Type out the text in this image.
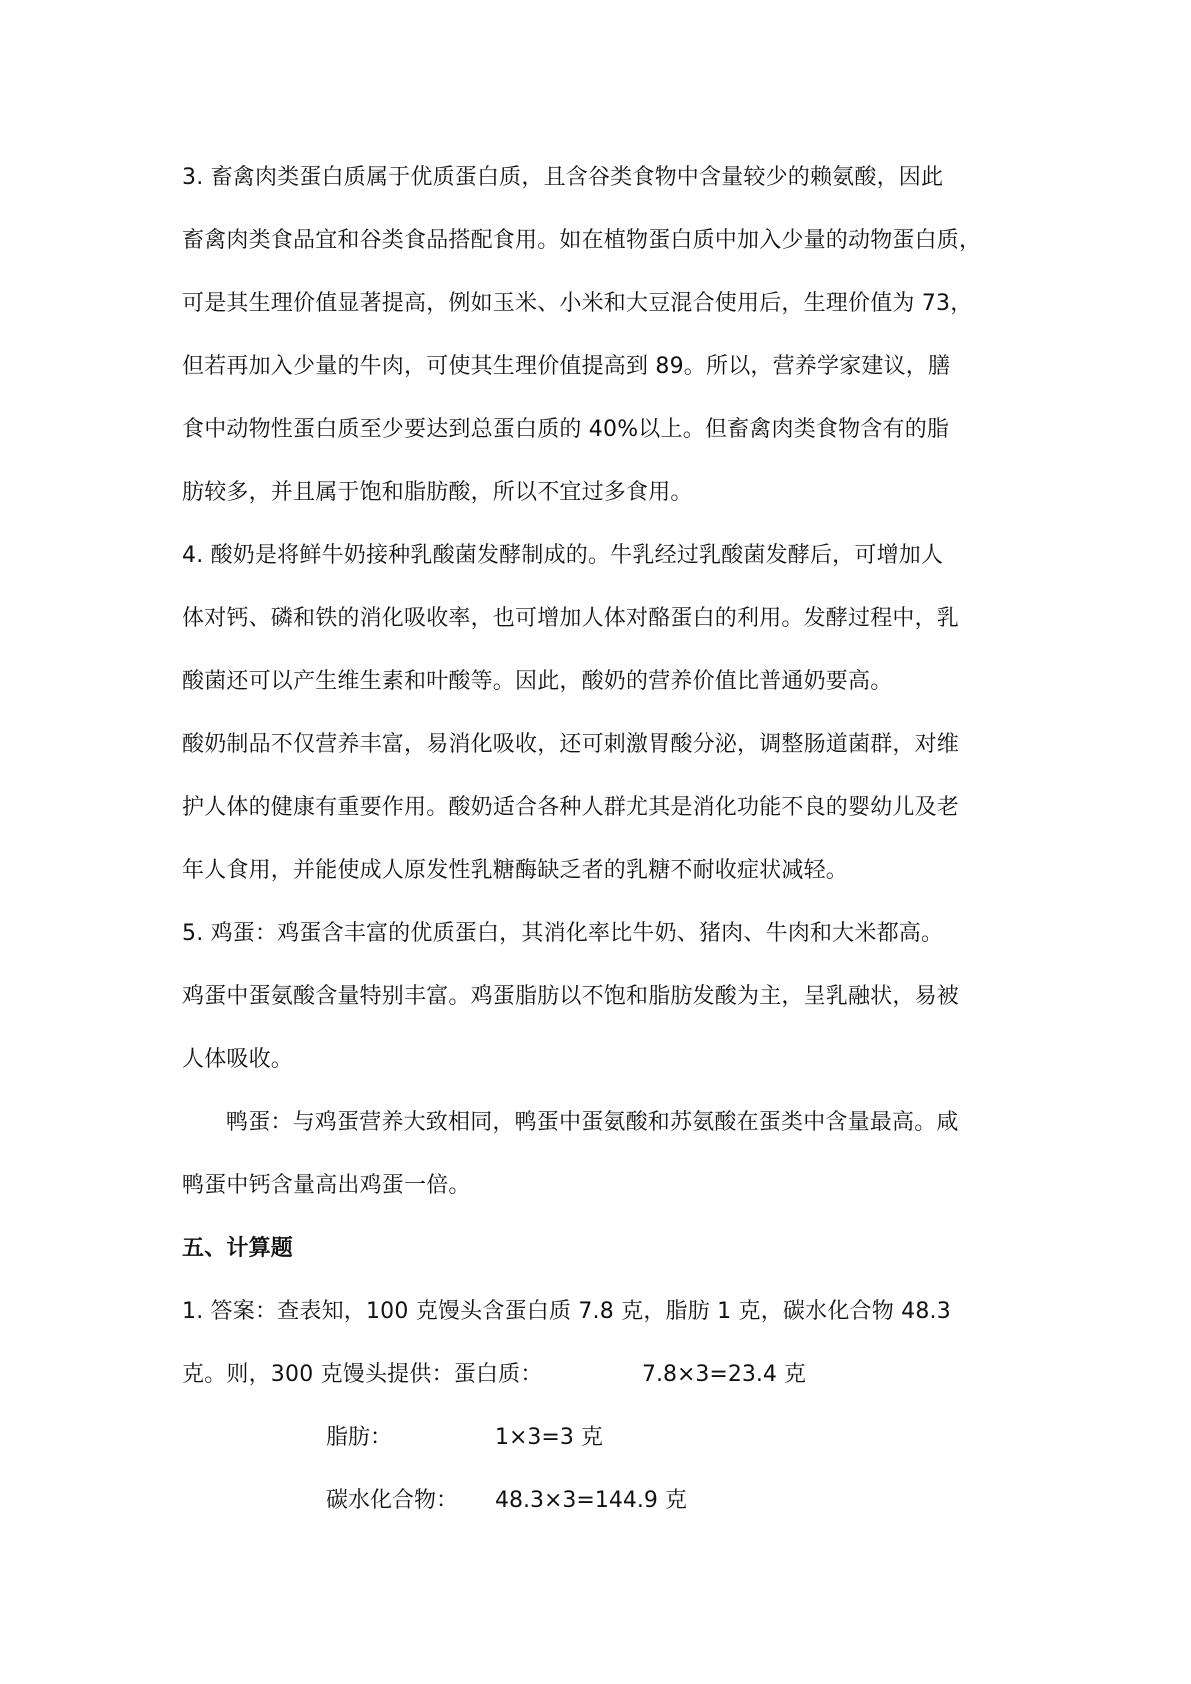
3. 畜禽肉类蛋白质属于优质蛋白质，且含谷类食物中含量较少的赖氨酸，因此
畜禽肉类食品宜和谷类食品搭配食用。如在植物蛋白质中加入少量的动物蛋白质，
可是其生理价值显著提高，例如玉米、小米和大豆混合使用后，生理价值为 73，
但若再加入少量的牛肉，可使其生理价值提高到 89。所以，营养学家建议，膳
食中动物性蛋白质至少要达到总蛋白质的 40%以上。但畜禽肉类食物含有的脂
肪较多，并且属于饱和脂肪酸，所以不宜过多食用。
4. 酸奶是将鲜牛奶接种乳酸菌发酵制成的。牛乳经过乳酸菌发酵后，可增加人
体对钙、磷和铁的消化吸收率，也可增加人体对酪蛋白的利用。发酵过程中，乳
酸菌还可以产生维生素和叶酸等。因此，酸奶的营养价值比普通奶要高。
酸奶制品不仅营养丰富，易消化吸收，还可刺激胃酸分泌，调整肠道菌群，对维
护人体的健康有重要作用。酸奶适合各种人群尤其是消化功能不良的婴幼儿及老
年人食用，并能使成人原发性乳糖酶缺乏者的乳糖不耐收症状减轻。
5. 鸡蛋：鸡蛋含丰富的优质蛋白，其消化率比牛奶、猪肉、牛肉和大米都高。
鸡蛋中蛋氨酸含量特别丰富。鸡蛋脂肪以不饱和脂肪发酸为主，呈乳融状，易被
人体吸收。
鸭蛋：与鸡蛋营养大致相同，鸭蛋中蛋氨酸和苏氨酸在蛋类中含量最高。咸
鸭蛋中钙含量高出鸡蛋一倍。
五、计算题
1. 答案：查表知，100 克馒头含蛋白质 7.8 克，脂肪 1 克，碳水化合物 48.3
克。则，300 克馒头提供：蛋白质：	7.8×3=23.4 克
脂肪：	1×3=3 克
碳水化合物： 48.3×3=144.9 克
